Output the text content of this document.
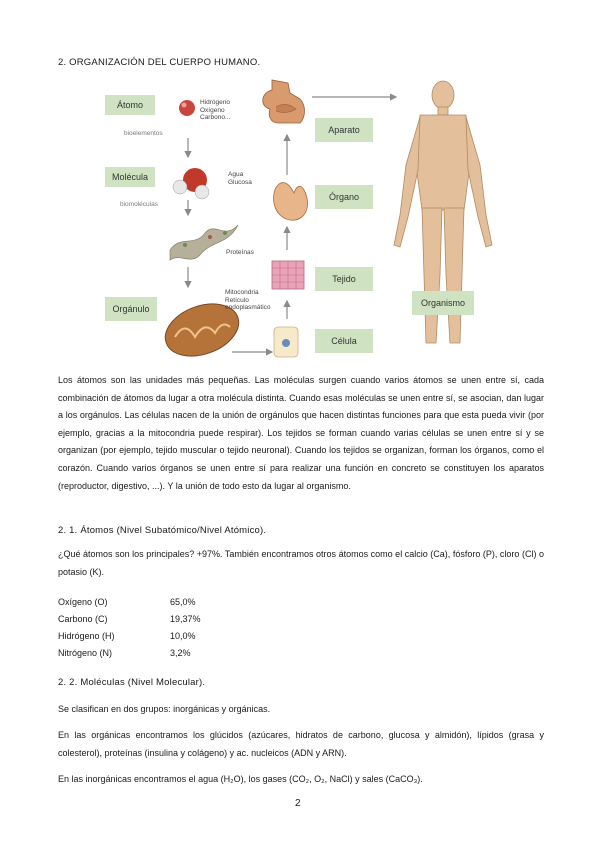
2. ORGANIZACIÓN DEL CUERPO HUMANO.
Átomo
Molécula
Orgánulo
Célula
Tejido
Órgano
Aparato
Organismo
bioelementos
biomoléculas
Hidrógeno
Oxígeno
Carbono...
Agua
Glucosa
Proteínas
Mitocondria
Retículo
endoplasmático
Los átomos son las unidades más pequeñas. Las moléculas surgen cuando varios átomos se unen entre sí, cada combinación de átomos da lugar a otra molécula distinta. Cuando esas moléculas se unen entre sí, se asocian, dan lugar a los orgánulos. Las células nacen de la unión de orgánulos que hacen distintas funciones para que esta pueda vivir (por ejemplo, gracias a la mitocondria puede respirar). Los tejidos se forman cuando varias células se unen entre sí y se organizan (por ejemplo, tejido muscular o tejido neuronal). Cuando los tejidos se organizan, forman los órganos, como el corazón. Cuando varios órganos se unen entre sí para realizar una función en concreto se constituyen los aparatos (reproductor, digestivo, ...). Y la unión de todo esto da lugar al organismo.
2. 1. Átomos (Nivel Subatómico/Nivel Atómico).
¿Qué átomos son los principales? +97%. También encontramos otros átomos como el calcio (Ca), fósforo (P), cloro (Cl) o potasio (K).
Oxígeno (O)	65,0%
Carbono (C)	19,37%
Hidrógeno (H)	10,0%
Nitrógeno (N)	3,2%
2. 2. Moléculas (Nivel Molecular).
Se clasifican en dos grupos: inorgánicas y orgánicas.
En las orgánicas encontramos los glúcidos (azúcares, hidratos de carbono, glucosa y almidón), lípidos (grasa y colesterol), proteínas (insulina y colágeno) y ac. nucleicos (ADN y ARN).
En las inorgánicas encontramos el agua (H₂O), los gases (CO₂, O₂, NaCl) y sales (CaCO₃).
2
